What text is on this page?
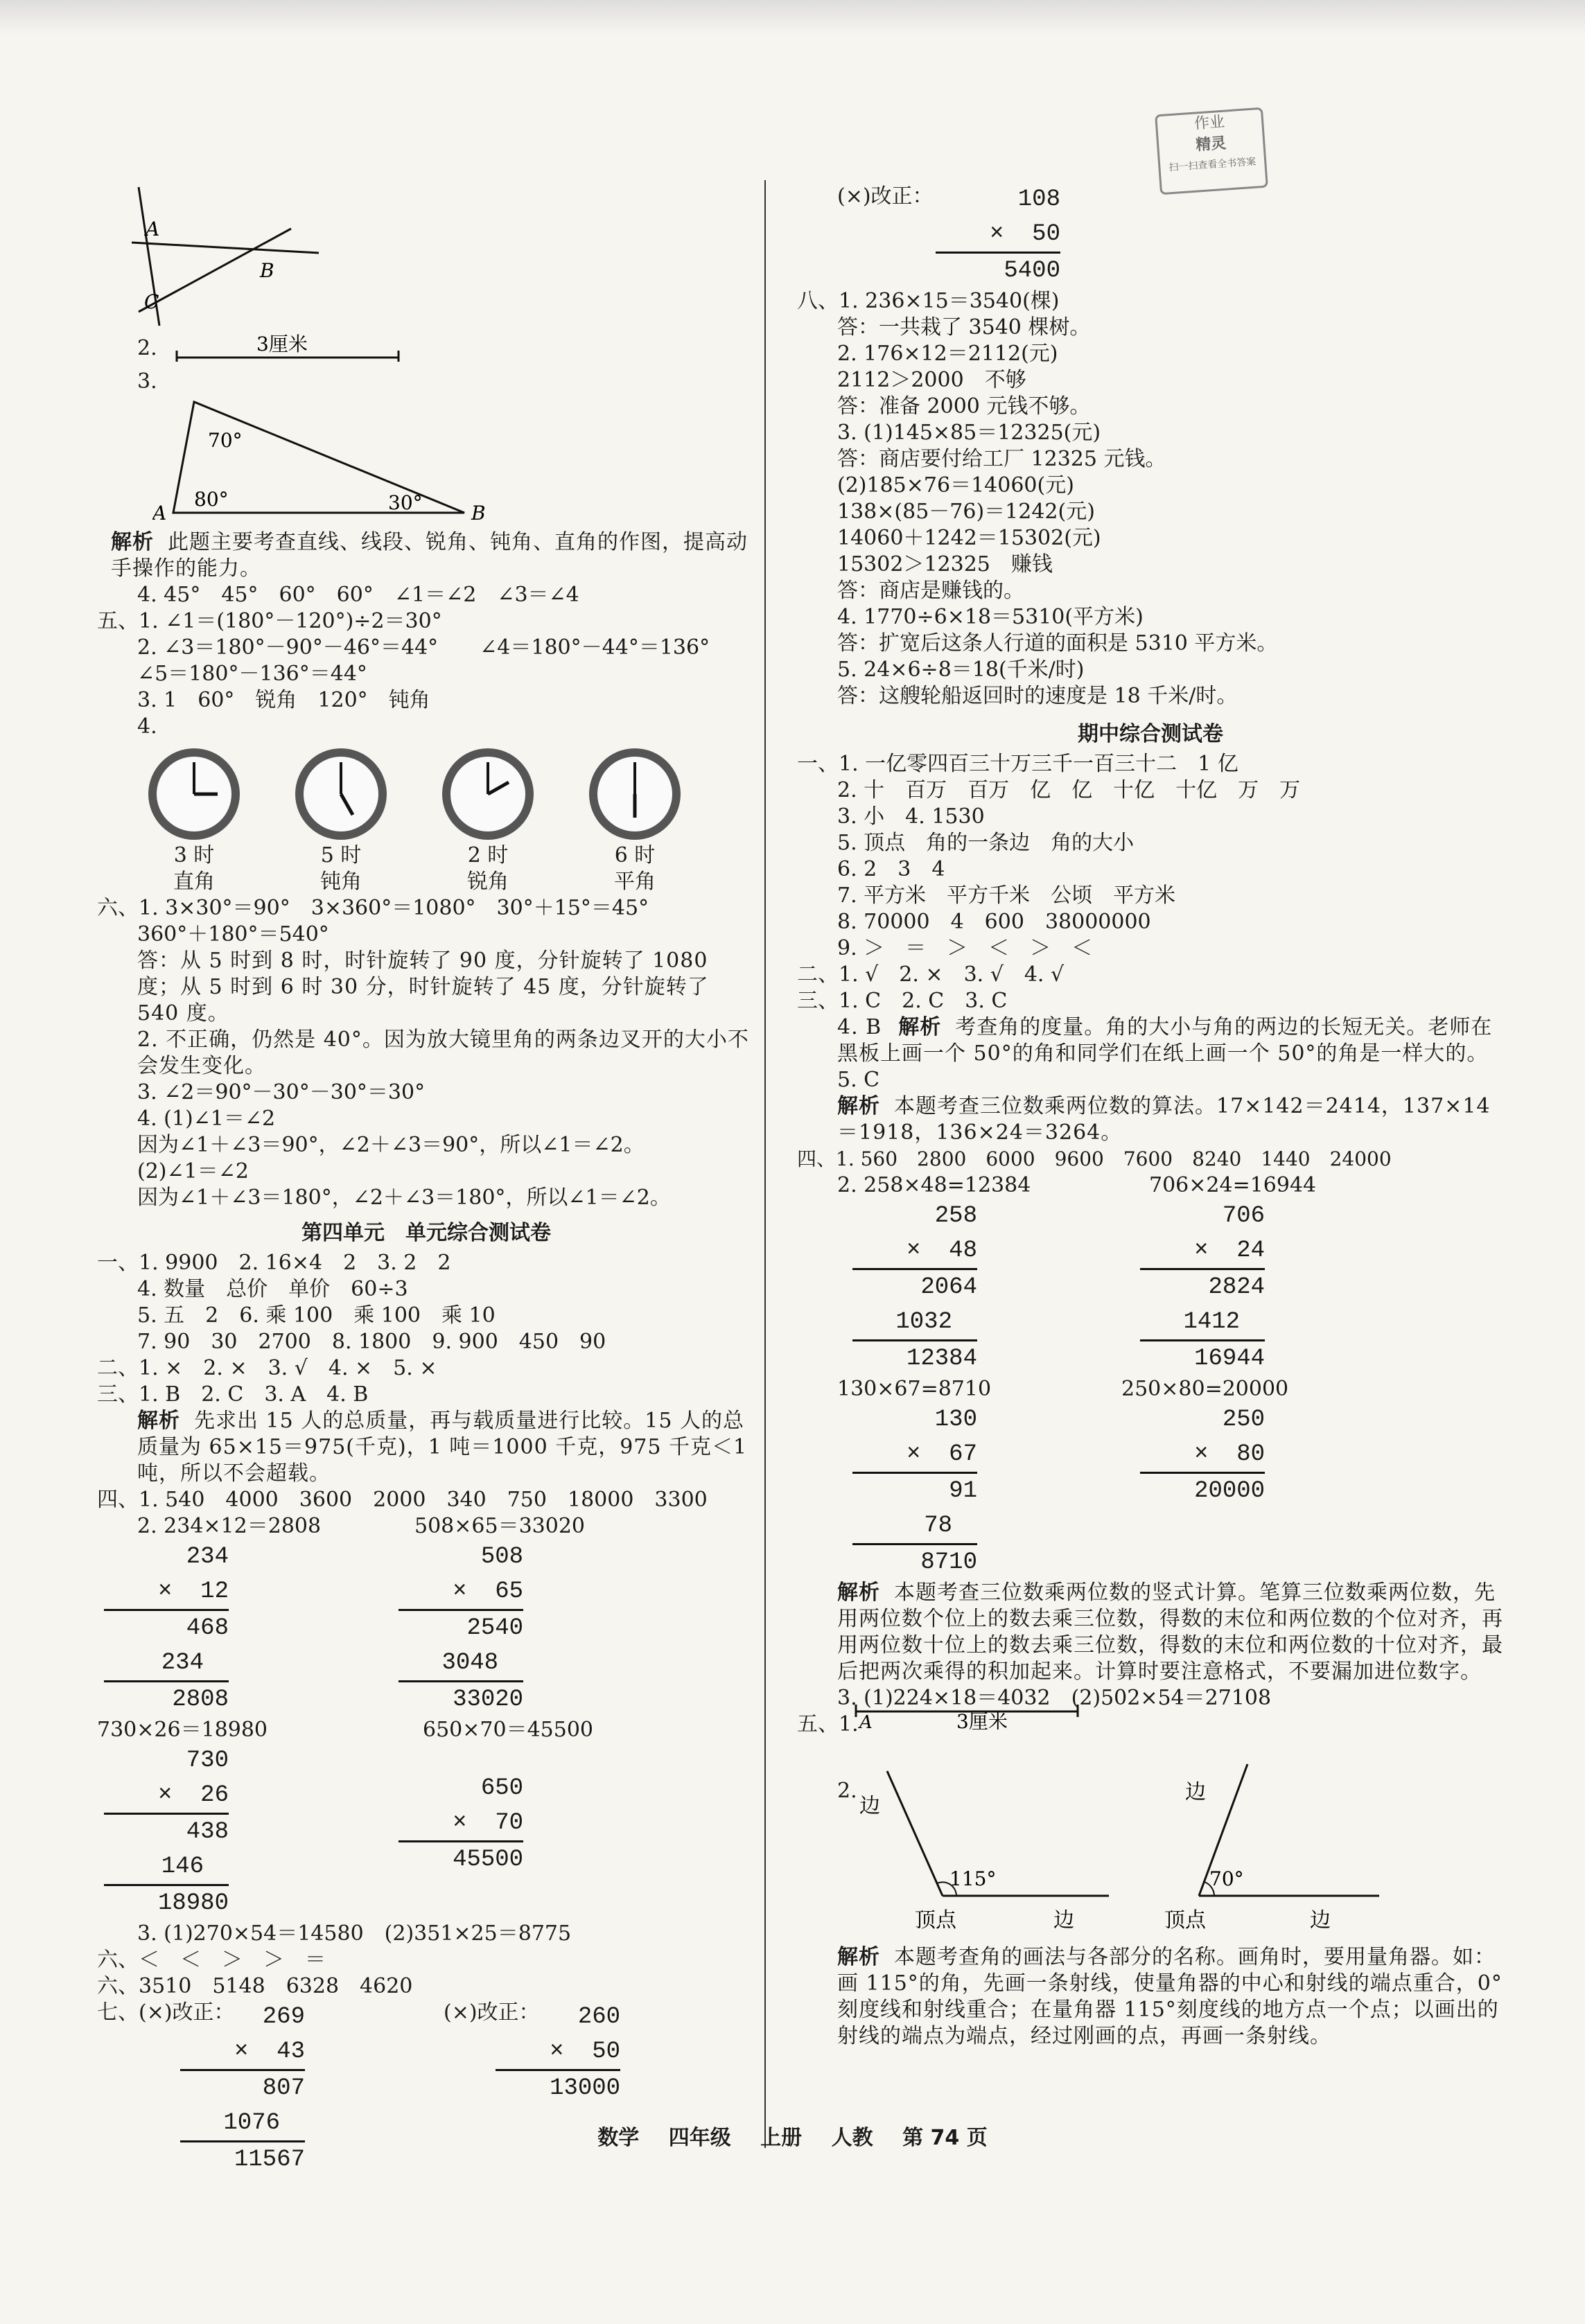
作业
精灵
扫一扫查看全书答案
A
B
C
2.	3厘米
3.
70°
80°	30°
A	B
解析 此题主要考查直线、线段、锐角、钝角、直角的作图，提高动手操作的能力。
4. 45°　45°　60°　60°　∠1＝∠2　∠3＝∠4
五、1. ∠1＝(180°－120°)÷2＝30°
2. ∠3＝180°－90°－46°＝44°　　∠4＝180°－44°＝136°
∠5＝180°－136°＝44°
3. 1　60°　锐角　120°　钝角
4.
3 时
直角
5 时
钝角
2 时
锐角
6 时
平角
六、1. 3×30°＝90°　3×360°＝1080°　30°＋15°＝45°
360°＋180°＝540°
答：从 5 时到 8 时，时针旋转了 90 度，分针旋转了 1080 度；从 5 时到 6 时 30 分，时针旋转了 45 度，分针旋转了 540 度。
2. 不正确，仍然是 40°。因为放大镜里角的两条边叉开的大小不会发生变化。
3. ∠2＝90°－30°－30°＝30°
4. (1)∠1＝∠2
因为∠1＋∠3＝90°，∠2＋∠3＝90°，所以∠1＝∠2。
(2)∠1＝∠2
因为∠1＋∠3＝180°，∠2＋∠3＝180°，所以∠1＝∠2。
第四单元　单元综合测试卷
一、1. 9900　2. 16×4　2　3. 2　2
4. 数量　总价　单价　60÷3
5. 五　2　6. 乘 100　乘 100　乘 10
7. 90　30　2700　8. 1800　9. 900　450　90
二、1. ×　2. ×　3. √　4. ×　5. ×
三、1. B　2. C　3. A　4. B
解析 先求出 15 人的总质量，再与载质量进行比较。15 人的总质量为 65×15＝975(千克)，1 吨＝1000 千克，975 千克＜1 吨，所以不会超载。
四、1. 540　4000　3600　2000　340　750　18000　3300
2. 234×12＝2808	508×65＝33020
234
×  12
468
234
2808

508
×  65
2540
3048
33020
730×26＝18980	650×70＝45500
730
×  26
438
146
18980

650
×  70
45500
3. (1)270×54＝14580　(2)351×25＝8775
六、＜　＜　＞　＞　＝
六、3510　5148　6328　4620
七、(×)改正：	(×)改正：
269
×  43
807
1076
11567

260
×  50
13000
(×)改正：	108
×  50
5400
八、1. 236×15＝3540(棵)
答：一共栽了 3540 棵树。
2. 176×12＝2112(元)
2112＞2000　不够
答：准备 2000 元钱不够。
3. (1)145×85＝12325(元)
答：商店要付给工厂 12325 元钱。
(2)185×76＝14060(元)
138×(85－76)＝1242(元)
14060＋1242＝15302(元)
15302＞12325　赚钱
答：商店是赚钱的。
4. 1770÷6×18＝5310(平方米)
答：扩宽后这条人行道的面积是 5310 平方米。
5. 24×6÷8＝18(千米/时)
答：这艘轮船返回时的速度是 18 千米/时。
期中综合测试卷
一、1. 一亿零四百三十万三千一百三十二　1 亿
2. 十　百万　百万　亿　亿　十亿　十亿　万　万
3. 小　4. 1530
5. 顶点　角的一条边　角的大小
6. 2　3　4
7. 平方米　平方千米　公顷　平方米
8. 70000　4　600　38000000
9. ＞　＝　＞　＜　＞　＜
二、1. √　2. ×　3. √　4. √
三、1. C　2. C　3. C
4. B 解析 考查角的度量。角的大小与角的两边的长短无关。老师在黑板上画一个 50°的角和同学们在纸上画一个 50°的角是一样大的。
5. C
解析 本题考查三位数乘两位数的算法。17×142＝2414，137×14＝1918，136×24＝3264。
四、1. 560　2800　6000　9600　7600　8240　1440　24000
2. 258×48=12384	706×24=16944
258
×  48
2064
1032
12384

706
×  24
2824
1412
16944
130×67=8710	250×80=20000
130
×  67
91
78
8710

250
×  80
20000
解析 本题考查三位数乘两位数的竖式计算。笔算三位数乘两位数，先用两位数个位上的数去乘三位数，得数的末位和两位数的个位对齐，再用两位数十位上的数去乘三位数，得数的末位和两位数的十位对齐，最后把两次乘得的积加起来。计算时要注意格式，不要漏加进位数字。
3. (1)224×18＝4032　(2)502×54＝27108
五、1. A	3厘米
2.
边
115°
顶点	边
边
70°
顶点	边
解析 本题考查角的画法与各部分的名称。画角时，要用量角器。如：画 115°的角，先画一条射线，使量角器的中心和射线的端点重合，0°刻度线和射线重合；在量角器 115°刻度线的地方点一个点；以画出的射线的端点为端点，经过刚画的点，再画一条射线。
数学 四年级 上册 人教 第 74 页
